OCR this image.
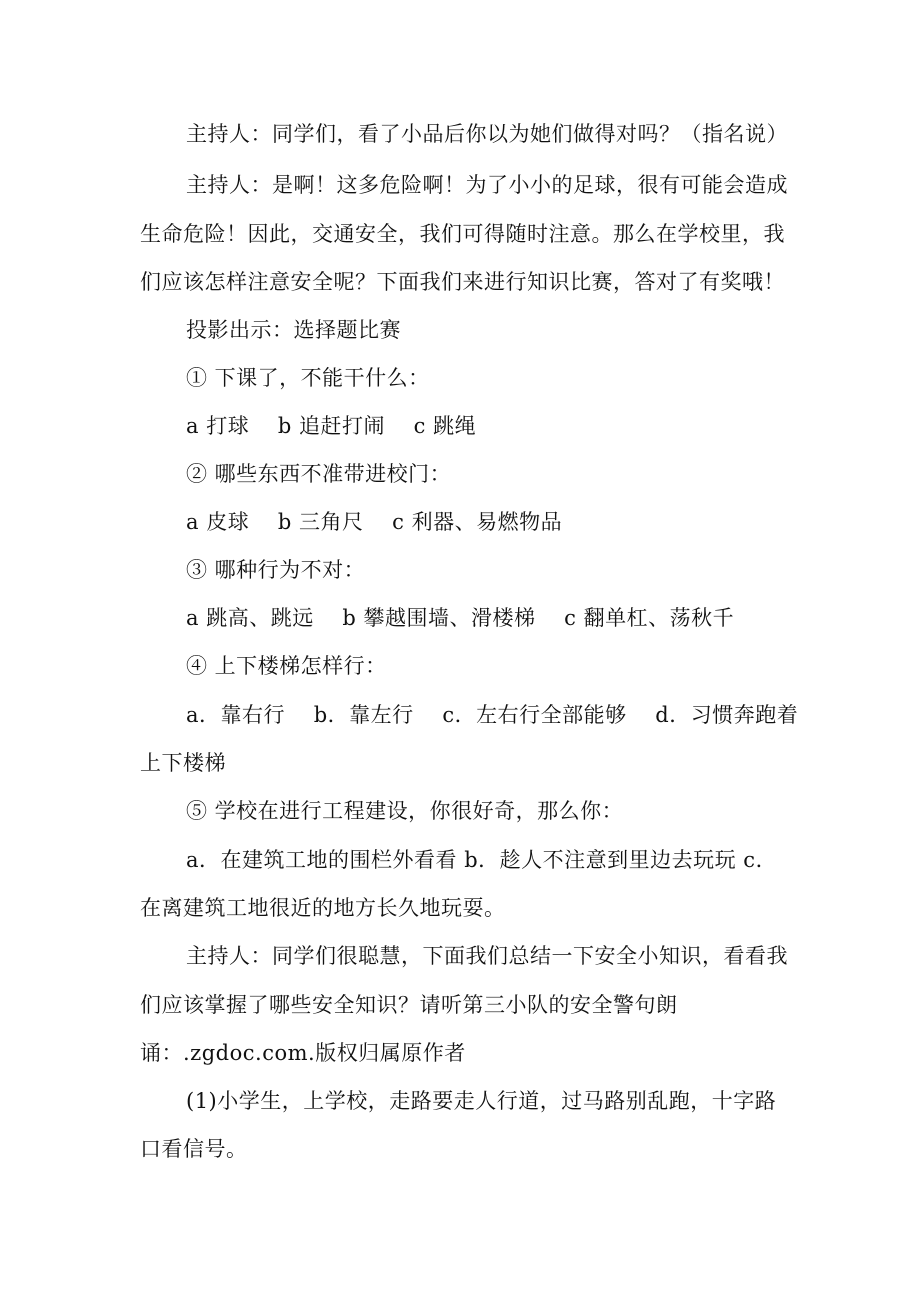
主持人：同学们，看了小品后你以为她们做得对吗？（指名说）
主持人：是啊！这多危险啊！为了小小的足球，很有可能会造成
生命危险！因此，交通安全，我们可得随时注意。那么在学校里，我
们应该怎样注意安全呢？下面我们来进行知识比赛，答对了有奖哦！
投影出示：选择题比赛
① 下课了，不能干什么：
a 打球　 b 追赶打闹　 c 跳绳
② 哪些东西不准带进校门：
a 皮球　 b 三角尺　 c 利器、易燃物品
③ 哪种行为不对：
a 跳高、跳远　 b 攀越围墙、滑楼梯　 c 翻单杠、荡秋千
④ 上下楼梯怎样行：
a．靠右行　 b．靠左行　 c．左右行全部能够　 d．习惯奔跑着
上下楼梯
⑤ 学校在进行工程建设，你很好奇，那么你：
a．在建筑工地的围栏外看看 b．趁人不注意到里边去玩玩 c．
在离建筑工地很近的地方长久地玩耍。
主持人：同学们很聪慧，下面我们总结一下安全小知识，看看我
们应该掌握了哪些安全知识？请听第三小队的安全警句朗
诵：.zgdoc.com.版权归属原作者
(1)小学生，上学校，走路要走人行道，过马路别乱跑，十字路
口看信号。
